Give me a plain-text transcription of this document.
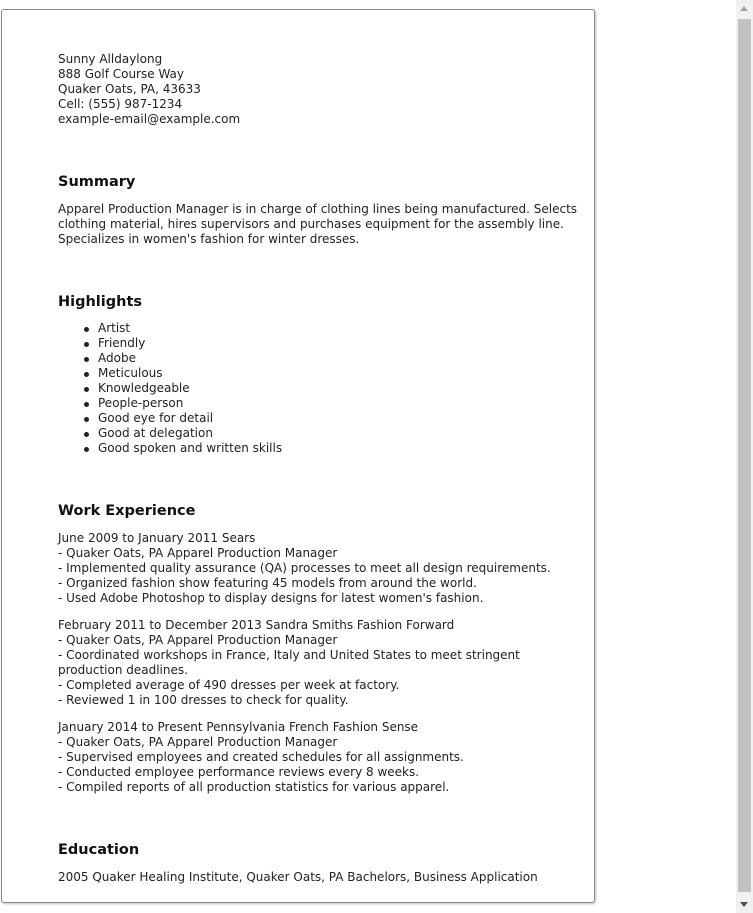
Sunny Alldaylong
888 Golf Course Way
Quaker Oats, PA, 43633
Cell: (555) 987-1234
example-email@example.com
Summary
Apparel Production Manager is in charge of clothing lines being manufactured. Selects clothing material, hires supervisors and purchases equipment for the assembly line. Specializes in women's fashion for winter dresses.
Highlights
Artist
Friendly
Adobe
Meticulous
Knowledgeable
People-person
Good eye for detail
Good at delegation
Good spoken and written skills
Work Experience
June 2009 to January 2011 Sears
- Quaker Oats, PA Apparel Production Manager
- Implemented quality assurance (QA) processes to meet all design requirements.
- Organized fashion show featuring 45 models from around the world.
- Used Adobe Photoshop to display designs for latest women's fashion.
February 2011 to December 2013 Sandra Smiths Fashion Forward
- Quaker Oats, PA Apparel Production Manager
- Coordinated workshops in France, Italy and United States to meet stringent production deadlines.
- Completed average of 490 dresses per week at factory.
- Reviewed 1 in 100 dresses to check for quality.
January 2014 to Present Pennsylvania French Fashion Sense
- Quaker Oats, PA Apparel Production Manager
- Supervised employees and created schedules for all assignments.
- Conducted employee performance reviews every 8 weeks.
- Compiled reports of all production statistics for various apparel.
Education
2005 Quaker Healing Institute, Quaker Oats, PA Bachelors, Business Application
